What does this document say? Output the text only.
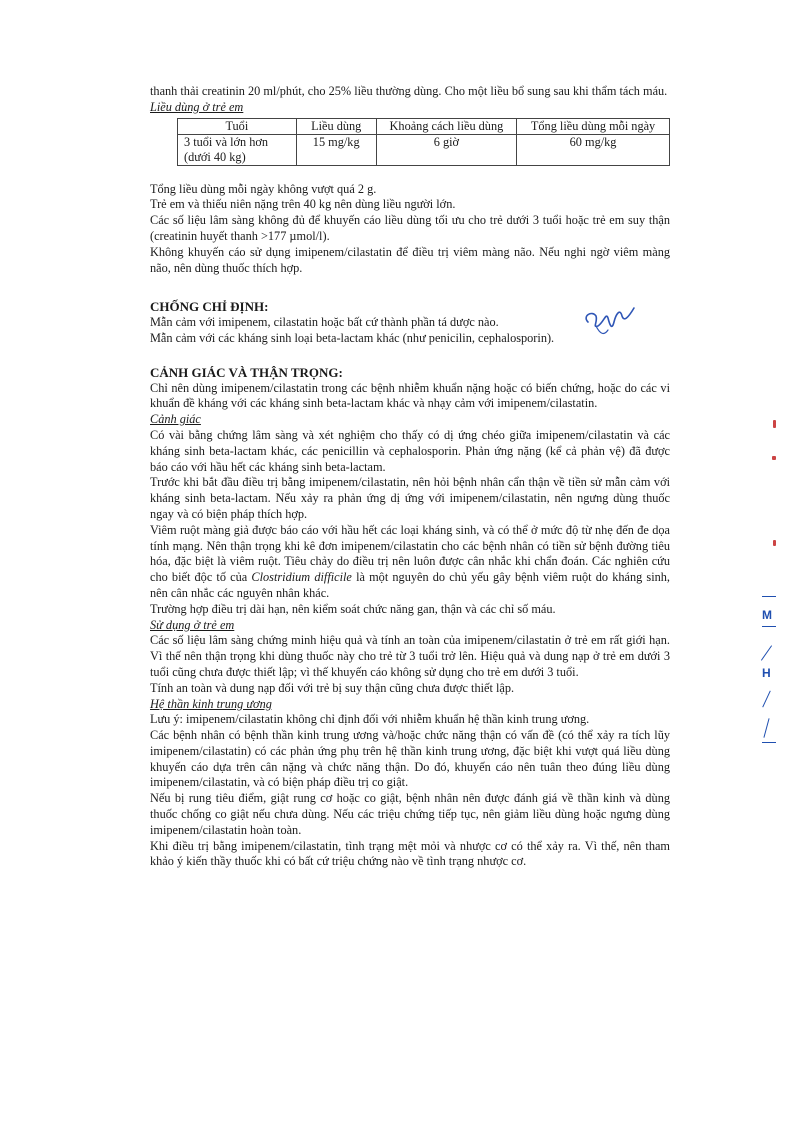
thanh thải creatinin 20 ml/phút, cho 25% liều thường dùng. Cho một liều bổ sung sau khi thẩm tách máu.

Liều dùng ở trẻ em

Tuổi	Liều dùng	Khoảng cách liều dùng	Tổng liều dùng mỗi ngày
3 tuổi và lớn hơn (dưới 40 kg)	15 mg/kg	6 giờ	60 mg/kg

Tổng liều dùng mỗi ngày không vượt quá 2 g.

Trẻ em và thiếu niên nặng trên 40 kg nên dùng liều người lớn.

Các số liệu lâm sàng không đủ để khuyến cáo liều dùng tối ưu cho trẻ dưới 3 tuổi hoặc trẻ em suy thận (creatinin huyết thanh >177 µmol/l).

Không khuyến cáo sử dụng imipenem/cilastatin để điều trị viêm màng não. Nếu nghi ngờ viêm màng não, nên dùng thuốc thích hợp.

CHỐNG CHỈ ĐỊNH:

Mẫn cảm với imipenem, cilastatin hoặc bất cứ thành phần tá dược nào.

Mẫn cảm với các kháng sinh loại beta-lactam khác (như penicilin, cephalosporin).

CẢNH GIÁC VÀ THẬN TRỌNG:

Chỉ nên dùng imipenem/cilastatin trong các bệnh nhiễm khuẩn nặng hoặc có biến chứng, hoặc do các vi khuẩn đề kháng với các kháng sinh beta-lactam khác và nhạy cảm với imipenem/cilastatin.

Cảnh giác

Có vài bằng chứng lâm sàng và xét nghiệm cho thấy có dị ứng chéo giữa imipenem/cilastatin và các kháng sinh beta-lactam khác, các penicillin và cephalosporin. Phản ứng nặng (kể cả phản vệ) đã được báo cáo với hầu hết các kháng sinh beta-lactam.

Trước khi bắt đầu điều trị bằng imipenem/cilastatin, nên hỏi bệnh nhân cẩn thận về tiền sử mẫn cảm với kháng sinh beta-lactam. Nếu xảy ra phản ứng dị ứng với imipenem/cilastatin, nên ngưng dùng thuốc ngay và có biện pháp thích hợp.

Viêm ruột màng giả được báo cáo với hầu hết các loại kháng sinh, và có thể ở mức độ từ nhẹ đến đe dọa tính mạng. Nên thận trọng khi kê đơn imipenem/cilastatin cho các bệnh nhân có tiền sử bệnh đường tiêu hóa, đặc biệt là viêm ruột. Tiêu chảy do điều trị nên luôn được cân nhắc khi chẩn đoán. Các nghiên cứu cho biết độc tố của Clostridium difficile là một nguyên do chủ yếu gây bệnh viêm ruột do kháng sinh, nên cân nhắc các nguyên nhân khác.

Trường hợp điều trị dài hạn, nên kiểm soát chức năng gan, thận và các chỉ số máu.

Sử dụng ở trẻ em

Các số liệu lâm sàng chứng minh hiệu quả và tính an toàn của imipenem/cilastatin ở trẻ em rất giới hạn. Vì thế nên thận trọng khi dùng thuốc này cho trẻ từ 3 tuổi trở lên. Hiệu quả và dung nạp ở trẻ em dưới 3 tuổi cũng chưa được thiết lập; vì thế khuyến cáo không sử dụng cho trẻ em dưới 3 tuổi.

Tính an toàn và dung nạp đối với trẻ bị suy thận cũng chưa được thiết lập.

Hệ thần kinh trung ương

Lưu ý: imipenem/cilastatin không chỉ định đối với nhiễm khuẩn hệ thần kinh trung ương.

Các bệnh nhân có bệnh thần kinh trung ương và/hoặc chức năng thận có vấn đề (có thể xảy ra tích lũy imipenem/cilastatin) có các phản ứng phụ trên hệ thần kinh trung ương, đặc biệt khi vượt quá liều dùng khuyến cáo dựa trên cân nặng và chức năng thận. Do đó, khuyến cáo nên tuân theo đúng liều dùng imipenem/cilastatin, và có biện pháp điều trị co giật.

Nếu bị rung tiêu điểm, giật rung cơ hoặc co giật, bệnh nhân nên được đánh giá về thần kinh và dùng thuốc chống co giật nếu chưa dùng. Nếu các triệu chứng tiếp tục, nên giảm liều dùng hoặc ngưng dùng imipenem/cilastatin hoàn toàn.

Khi điều trị bằng imipenem/cilastatin, tình trạng mệt mỏi và nhược cơ có thể xảy ra. Vì thế, nên tham khảo ý kiến thầy thuốc khi có bất cứ triệu chứng nào về tình trạng nhược cơ.

M
H
